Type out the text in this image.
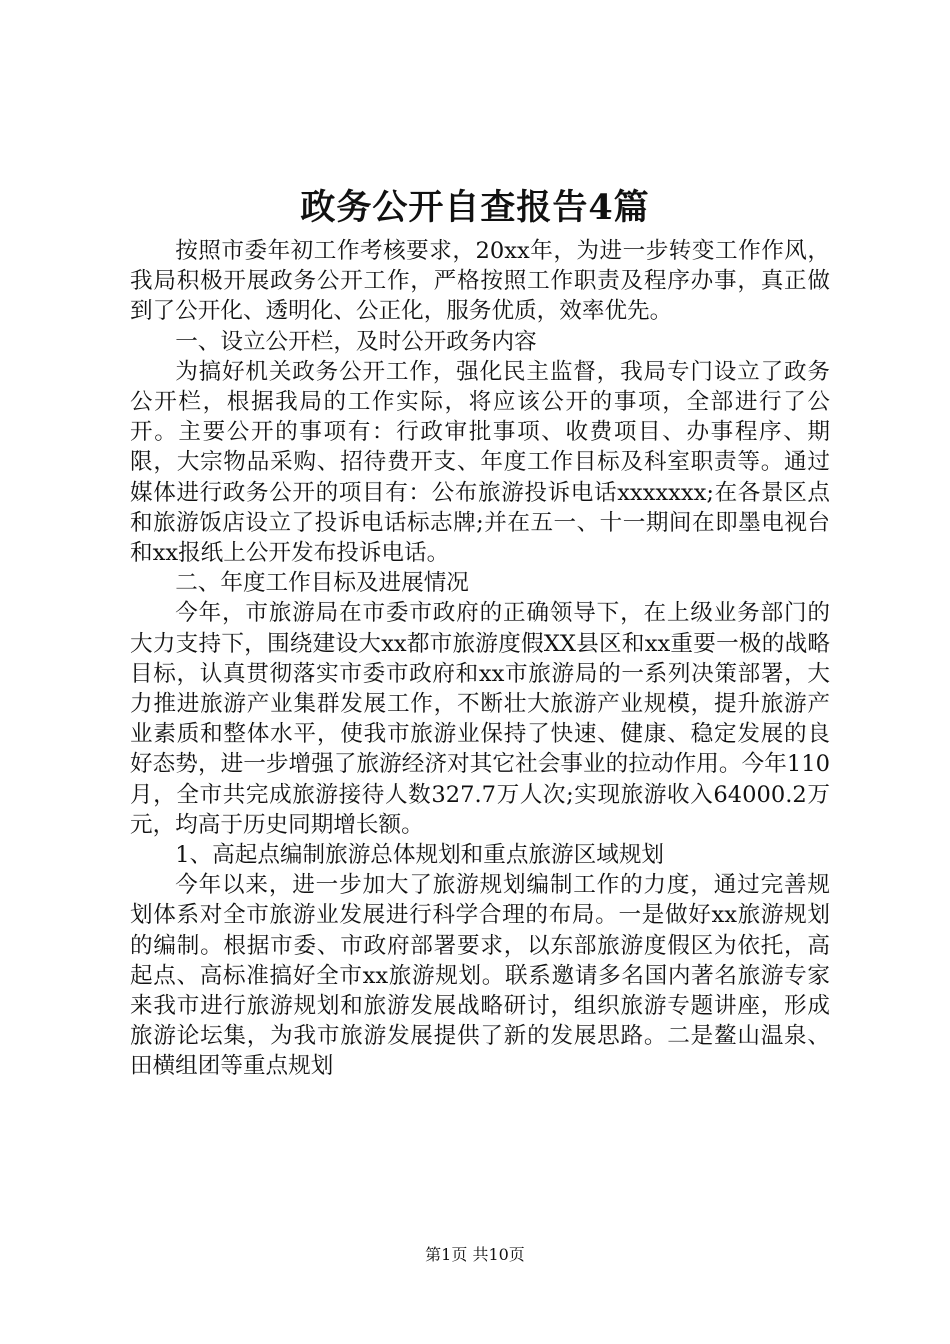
政务公开自查报告4篇

按照市委年初工作考核要求，20xx年，为进一步转变工作作风，我局积极开展政务公开工作，严格按照工作职责及程序办事，真正做到了公开化、透明化、公正化，服务优质，效率优先。

一、设立公开栏，及时公开政务内容

为搞好机关政务公开工作，强化民主监督，我局专门设立了政务公开栏，根据我局的工作实际，将应该公开的事项，全部进行了公开。主要公开的事项有：行政审批事项、收费项目、办事程序、期限，大宗物品采购、招待费开支、年度工作目标及科室职责等。通过媒体进行政务公开的项目有：公布旅游投诉电话xxxxxxx;在各景区点和旅游饭店设立了投诉电话标志牌;并在五一、十一期间在即墨电视台和xx报纸上公开发布投诉电话。

二、年度工作目标及进展情况

今年，市旅游局在市委市政府的正确领导下，在上级业务部门的大力支持下，围绕建设大xx都市旅游度假XX县区和xx重要一极的战略目标，认真贯彻落实市委市政府和xx市旅游局的一系列决策部署，大力推进旅游产业集群发展工作，不断壮大旅游产业规模，提升旅游产业素质和整体水平，使我市旅游业保持了快速、健康、稳定发展的良好态势，进一步增强了旅游经济对其它社会事业的拉动作用。今年110月，全市共完成旅游接待人数327.7万人次;实现旅游收入64000.2万元，均高于历史同期增长额。

1、高起点编制旅游总体规划和重点旅游区域规划

今年以来，进一步加大了旅游规划编制工作的力度，通过完善规划体系对全市旅游业发展进行科学合理的布局。一是做好xx旅游规划的编制。根据市委、市政府部署要求，以东部旅游度假区为依托，高起点、高标准搞好全市xx旅游规划。联系邀请多名国内著名旅游专家来我市进行旅游规划和旅游发展战略研讨，组织旅游专题讲座，形成旅游论坛集，为我市旅游发展提供了新的发展思路。二是鳌山温泉、田横组团等重点规划

第1页 共10页
